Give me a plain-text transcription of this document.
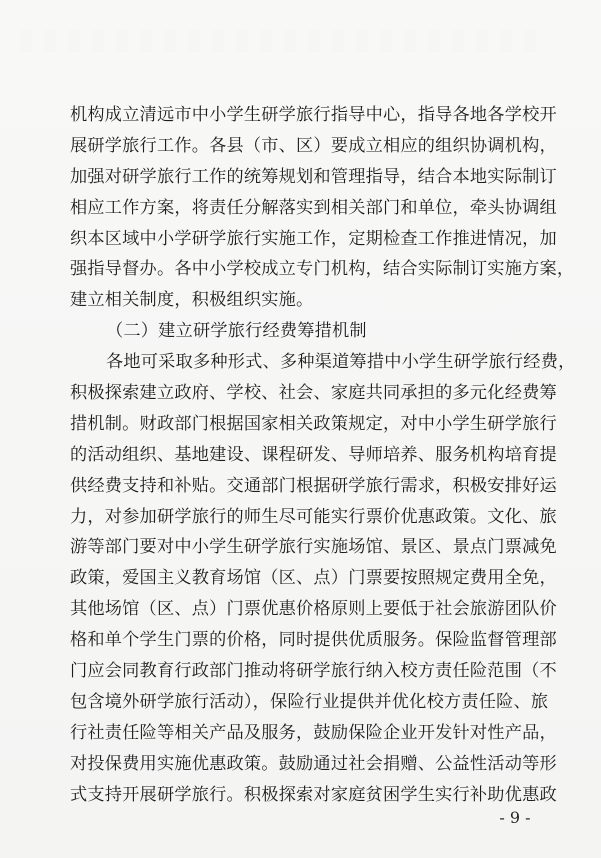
机构成立清远市中小学生研学旅行指导中心，指导各地各学校开
展研学旅行工作。各县（市、区）要成立相应的组织协调机构，
加强对研学旅行工作的统筹规划和管理指导，结合本地实际制订
相应工作方案，将责任分解落实到相关部门和单位，牵头协调组
织本区域中小学研学旅行实施工作，定期检查工作推进情况，加
强指导督办。各中小学校成立专门机构，结合实际制订实施方案，
建立相关制度，积极组织实施。
（二）建立研学旅行经费筹措机制
各地可采取多种形式、多种渠道筹措中小学生研学旅行经费，
积极探索建立政府、学校、社会、家庭共同承担的多元化经费筹
措机制。财政部门根据国家相关政策规定，对中小学生研学旅行
的活动组织、基地建设、课程研发、导师培养、服务机构培育提
供经费支持和补贴。交通部门根据研学旅行需求，积极安排好运
力，对参加研学旅行的师生尽可能实行票价优惠政策。文化、旅
游等部门要对中小学生研学旅行实施场馆、景区、景点门票减免
政策，爱国主义教育场馆（区、点）门票要按照规定费用全免，
其他场馆（区、点）门票优惠价格原则上要低于社会旅游团队价
格和单个学生门票的价格，同时提供优质服务。保险监督管理部
门应会同教育行政部门推动将研学旅行纳入校方责任险范围（不
包含境外研学旅行活动），保险行业提供并优化校方责任险、旅
行社责任险等相关产品及服务，鼓励保险企业开发针对性产品，
对投保费用实施优惠政策。鼓励通过社会捐赠、公益性活动等形
式支持开展研学旅行。积极探索对家庭贫困学生实行补助优惠政
- 9 -
